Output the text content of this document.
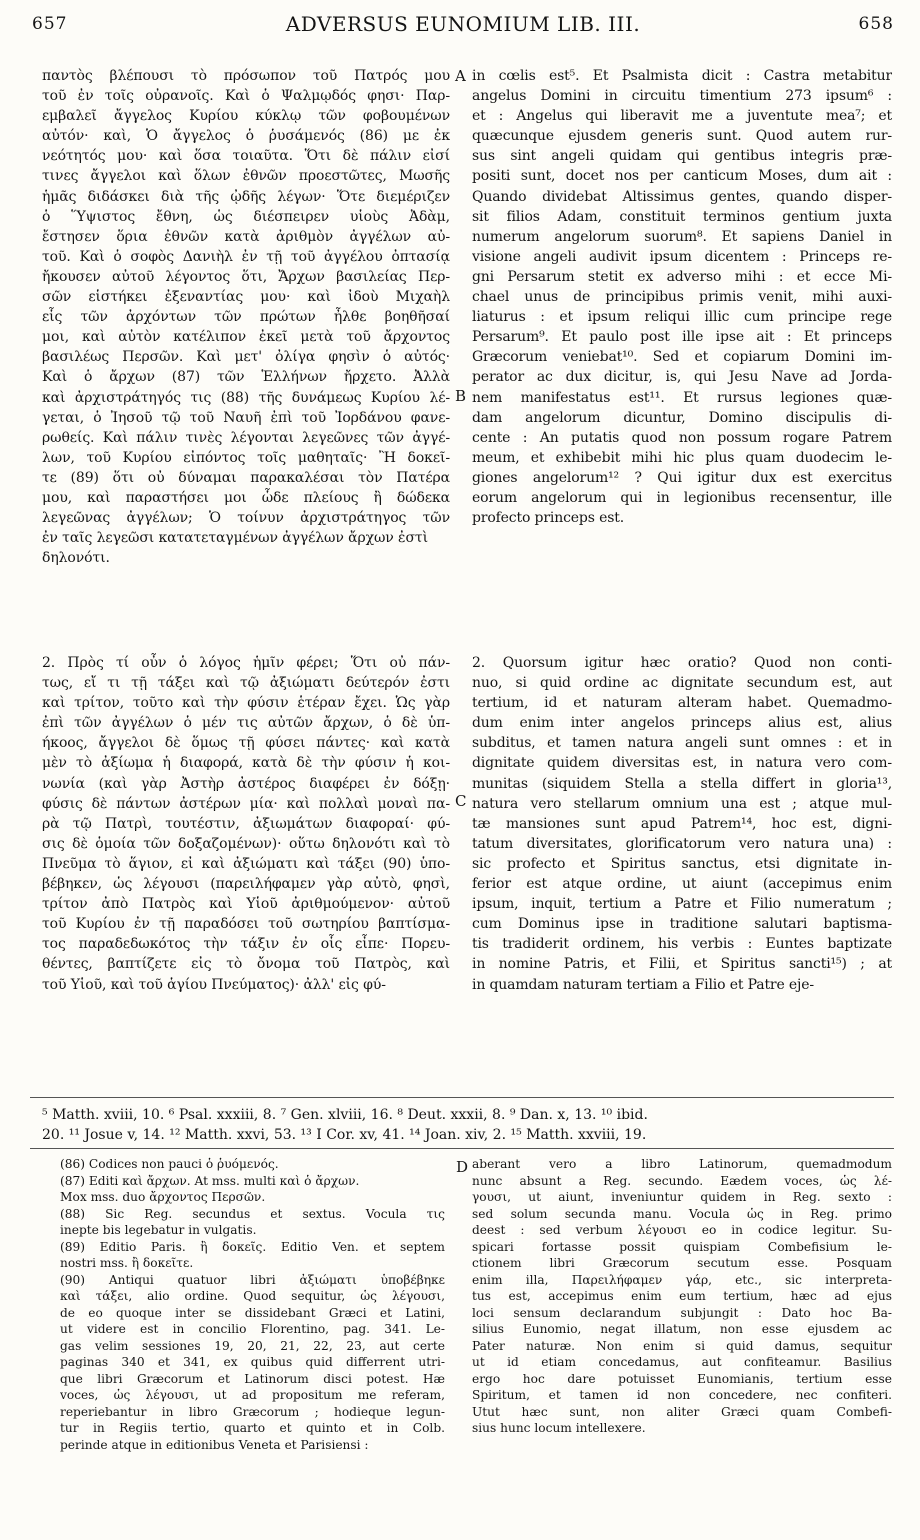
657	ADVERSUS EUNOMIUM LIB. III.	658
A
B
C
D

παντὸς βλέπουσι τὸ πρόσωπον τοῦ Πατρός μου

τοῦ ἐν τοῖς οὐρανοῖς. Καὶ ὁ Ψαλμῳδός φησι· Παρ-

εμβαλεῖ ἄγγελος Κυρίου κύκλῳ τῶν φοβουμένων

αὐτόν· καὶ, Ὁ ἄγγελος ὁ ῥυσάμενός (86) με ἐκ

νεότητός μου· καὶ ὅσα τοιαῦτα. Ὅτι δὲ πάλιν εἰσί

τινες ἄγγελοι καὶ ὅλων ἐθνῶν προεστῶτες, Μωσῆς

ἡμᾶς διδάσκει διὰ τῆς ᾠδῆς λέγων· Ὅτε διεμέριζεν

ὁ Ὕψιστος ἔθνη, ὡς διέσπειρεν υἱοὺς Ἀδὰμ,

ἔστησεν ὅρια ἐθνῶν κατὰ ἀριθμὸν ἀγγέλων αὐ-

τοῦ. Καὶ ὁ σοφὸς Δανιὴλ ἐν τῇ τοῦ ἀγγέλου ὀπτασίᾳ

ἤκουσεν αὐτοῦ λέγοντος ὅτι, Ἄρχων βασιλείας Περ-

σῶν εἱστήκει ἐξεναντίας μου· καὶ ἰδοὺ Μιχαὴλ

εἷς τῶν ἀρχόντων τῶν πρώτων ἦλθε βοηθῆσαί

μοι, καὶ αὐτὸν κατέλιπον ἐκεῖ μετὰ τοῦ ἄρχοντος

βασιλέως Περσῶν. Καὶ μετ' ὀλίγα φησὶν ὁ αὐτός·

Καὶ ὁ ἄρχων (87) τῶν Ἑλλήνων ἤρχετο. Ἀλλὰ

καὶ ἀρχιστράτηγός τις (88) τῆς δυνάμεως Κυρίου λέ-

γεται, ὁ Ἰησοῦ τῷ τοῦ Ναυῆ ἐπὶ τοῦ Ἰορδάνου φανε-

ρωθείς. Καὶ πάλιν τινὲς λέγονται λεγεῶνες τῶν ἀγγέ-

λων, τοῦ Κυρίου εἰπόντος τοῖς μαθηταῖς· Ἢ δοκεῖ-

τε (89) ὅτι οὐ δύναμαι παρακαλέσαι τὸν Πατέρα

μου, καὶ παραστήσει μοι ὧδε πλείους ἢ δώδεκα

λεγεῶνας ἀγγέλων; Ὁ τοίνυν ἀρχιστράτηγος τῶν

ἐν ταῖς λεγεῶσι κατατεταγμένων ἀγγέλων ἄρχων ἐστὶ

δηλονότι.

in cœlis est⁵. Et Psalmista dicit : Castra metabitur

angelus Domini in circuitu timentium 273 ipsum⁶ :

et : Angelus qui liberavit me a juventute mea⁷; et

quæcunque ejusdem generis sunt. Quod autem rur-

sus sint angeli quidam qui gentibus integris præ-

positi sunt, docet nos per canticum Moses, dum ait :

Quando dividebat Altissimus gentes, quando disper-

sit filios Adam, constituit terminos gentium juxta

numerum angelorum suorum⁸. Et sapiens Daniel in

visione angeli audivit ipsum dicentem : Princeps re-

gni Persarum stetit ex adverso mihi : et ecce Mi-

chael unus de principibus primis venit, mihi auxi-

liaturus : et ipsum reliqui illic cum principe rege

Persarum⁹. Et paulo post ille ipse ait : Et princeps

Græcorum veniebat¹⁰. Sed et copiarum Domini im-

perator ac dux dicitur, is, qui Jesu Nave ad Jorda-

nem manifestatus est¹¹. Et rursus legiones quæ-

dam angelorum dicuntur, Domino discipulis di-

cente : An putatis quod non possum rogare Patrem

meum, et exhibebit mihi hic plus quam duodecim le-

giones angelorum¹² ? Qui igitur dux est exercitus

eorum angelorum qui in legionibus recensentur, ille

profecto princeps est.

2. Πρὸς τί οὖν ὁ λόγος ἡμῖν φέρει; Ὅτι οὐ πάν-

τως, εἴ τι τῇ τάξει καὶ τῷ ἀξιώματι δεύτερόν ἐστι

καὶ τρίτον, τοῦτο καὶ τὴν φύσιν ἑτέραν ἔχει. Ὡς γὰρ

ἐπὶ τῶν ἀγγέλων ὁ μέν τις αὐτῶν ἄρχων, ὁ δὲ ὑπ-

ήκοος, ἄγγελοι δὲ ὅμως τῇ φύσει πάντες· καὶ κατὰ

μὲν τὸ ἀξίωμα ἡ διαφορά, κατὰ δὲ τὴν φύσιν ἡ κοι-

νωνία (καὶ γὰρ Ἀστὴρ ἀστέρος διαφέρει ἐν δόξῃ·

φύσις δὲ πάντων ἀστέρων μία· καὶ πολλαὶ μοναὶ πα-

ρὰ τῷ Πατρὶ, τουτέστιν, ἀξιωμάτων διαφοραί· φύ-

σις δὲ ὁμοία τῶν δοξαζομένων)· οὕτω δηλονότι καὶ τὸ

Πνεῦμα τὸ ἅγιον, εἰ καὶ ἀξιώματι καὶ τάξει (90) ὑπο-

βέβηκεν, ὡς λέγουσι (παρειλήφαμεν γὰρ αὐτὸ, φησὶ,

τρίτον ἀπὸ Πατρὸς καὶ Υἱοῦ ἀριθμούμενον· αὐτοῦ

τοῦ Κυρίου ἐν τῇ παραδόσει τοῦ σωτηρίου βαπτίσμα-

τος παραδεδωκότος τὴν τάξιν ἐν οἷς εἶπε· Πορευ-

θέντες, βαπτίζετε εἰς τὸ ὄνομα τοῦ Πατρὸς, καὶ

τοῦ Υἱοῦ, καὶ τοῦ ἁγίου Πνεύματος)· ἀλλ' εἰς φύ-

2. Quorsum igitur hæc oratio? Quod non conti-

nuo, si quid ordine ac dignitate secundum est, aut

tertium, id et naturam alteram habet. Quemadmo-

dum enim inter angelos princeps alius est, alius

subditus, et tamen natura angeli sunt omnes : et in

dignitate quidem diversitas est, in natura vero com-

munitas (siquidem Stella a stella differt in gloria¹³,

natura vero stellarum omnium una est ; atque mul-

tæ mansiones sunt apud Patrem¹⁴, hoc est, digni-

tatum diversitates, glorificatorum vero natura una) :

sic profecto et Spiritus sanctus, etsi dignitate in-

ferior est atque ordine, ut aiunt (accepimus enim

ipsum, inquit, tertium a Patre et Filio numeratum ;

cum Dominus ipse in traditione salutari baptisma-

tis tradiderit ordinem, his verbis : Euntes baptizate

in nomine Patris, et Filii, et Spiritus sancti¹⁵) ; at

in quamdam naturam tertiam a Filio et Patre eje-

⁵ Matth. xviii, 10. ⁶ Psal. xxxiii, 8. ⁷ Gen. xlviii, 16. ⁸ Deut. xxxii, 8. ⁹ Dan. x, 13. ¹⁰ ibid.

20. ¹¹ Josue v, 14. ¹² Matth. xxvi, 53. ¹³ I Cor. xv, 41. ¹⁴ Joan. xiv, 2. ¹⁵ Matth. xxviii, 19.

(86) Codices non pauci ὁ ῥυόμενός.

(87) Editi καὶ ἄρχων. At mss. multi καὶ ὁ ἄρχων.

Mox mss. duo ἄρχοντος Περσῶν.

(88) Sic Reg. secundus et sextus. Vocula τις

inepte bis legebatur in vulgatis.

(89) Editio Paris. ἢ δοκεῖς. Editio Ven. et septem

nostri mss. ἢ δοκεῖτε.

(90) Antiqui quatuor libri ἀξιώματι ὑποβέβηκε

καὶ τάξει, alio ordine. Quod sequitur, ὡς λέγουσι,

de eo quoque inter se dissidebant Græci et Latini,

ut videre est in concilio Florentino, pag. 341. Le-

gas velim sessiones 19, 20, 21, 22, 23, aut certe

paginas 340 et 341, ex quibus quid differrent utri-

que libri Græcorum et Latinorum disci potest. Hæ

voces, ὡς λέγουσι, ut ad propositum me referam,

reperiebantur in libro Græcorum ; hodieque legun-

tur in Regiis tertio, quarto et quinto et in Colb.

perinde atque in editionibus Veneta et Parisiensi :

aberant vero a libro Latinorum, quemadmodum

nunc absunt a Reg. secundo. Eædem voces, ὡς λέ-

γουσι, ut aiunt, inveniuntur quidem in Reg. sexto :

sed solum secunda manu. Vocula ὡς in Reg. primo

deest : sed verbum λέγουσι eo in codice legitur. Su-

spicari fortasse possit quispiam Combefisium le-

ctionem libri Græcorum secutum esse. Posquam

enim illa, Παρειλήφαμεν γάρ, etc., sic interpreta-

tus est, accepimus enim eum tertium, hæc ad ejus

loci sensum declarandum subjungit : Dato hoc Ba-

silius Eunomio, negat illatum, non esse ejusdem ac

Pater naturæ. Non enim si quid damus, sequitur

ut id etiam concedamus, aut confiteamur. Basilius

ergo hoc dare potuisset Eunomianis, tertium esse

Spiritum, et tamen id non concedere, nec confiteri.

Utut hæc sunt, non aliter Græci quam Combefi-

sius hunc locum intellexere.
